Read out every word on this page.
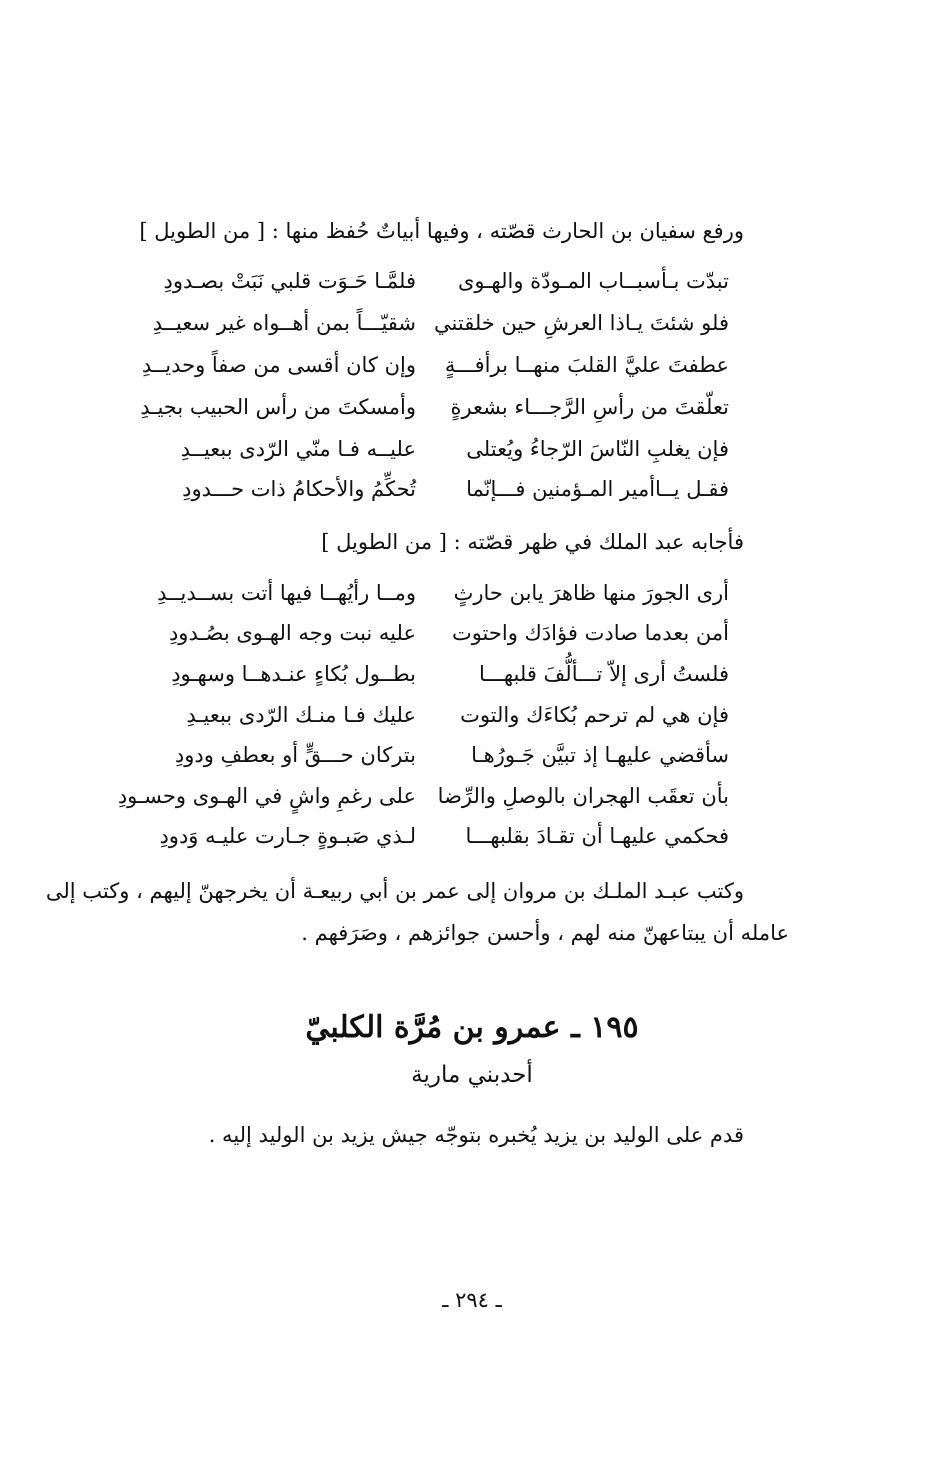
ورفع سفيان بن الحارث قصّته ، وفيها أبياتٌ حُفظ منها : [ من الطويل ]
تبدّت بـأسبــاب المـودّة والهـوى
فلمَّـا حَـوَت قلبي نَبَتْ بصـدودِ
فلو شئتَ يـاذا العرشِ حين خلقتني
شقيّـــاً بمن أهــواه غير سعيــدِ
عطفتَ عليَّ القلبَ منهــا برأفـــةٍ
وإن كان أقسى من صفاً وحديــدِ
تعلّقتَ من رأسِ الرَّجـــاء بشعرةٍ
وأمسكتَ من رأس الحبيب بجيـدِ
فإن يغلبِ النّاسَ الرّجاءُ ويُعتلى
عليــه فـا منّي الرّدى ببعيــدِ
فقـل يــاأمير المـؤمنين فـــإنّما
تُحكِّمُ والأحكامُ ذات حـــدودِ
فأجابه عبد الملك في ظهر قصّته : [ من الطويل ]
أرى الجورَ منها ظاهرَ يابن حارثٍ
ومــا رأيُهــا فيها أتت بســديــدِ
أمن بعدما صادت فؤادَك واحتوت
عليه نبت وجه الهـوى بصُـدودِ
فلستُ أرى إلاّ تـــألُّفَ قلبهـــا
بطــول بُكاءٍ عنـدهــا وسهـودِ
فإن هي لم ترحم بُكاءَك والتوت
عليك فـا منـك الرّدى ببعيـدِ
سأقضي عليهـا إذ تبيَّن جَـورُهـا
بتركان حـــقٍّ أو بعطفِ ودودِ
بأن تعقَب الهجران بالوصلِ والرِّضا
على رغمِ واشٍ في الهـوى وحسـودِ
فحكمي عليهـا أن تقـادَ بقلبهـــا
لـذي صَبـوةٍ جـارت عليـه وَدودِ
وكتب عبـد الملـك بن مروان إلى عمر بن أبي ربيعـة أن يخرجهنّ إليهم ، وكتب إلى
عامله أن يبتاعهنّ منه لهم ، وأحسن جوائزهم ، وصَرَفهم .
١٩٥ ـ عمرو بن مُرَّة الكلبيّ
أحدبني مارية
قدم على الوليد بن يزيد يُخبره بتوجّه جيش يزيد بن الوليد إليه .
ـ ٢٩٤ ـ
